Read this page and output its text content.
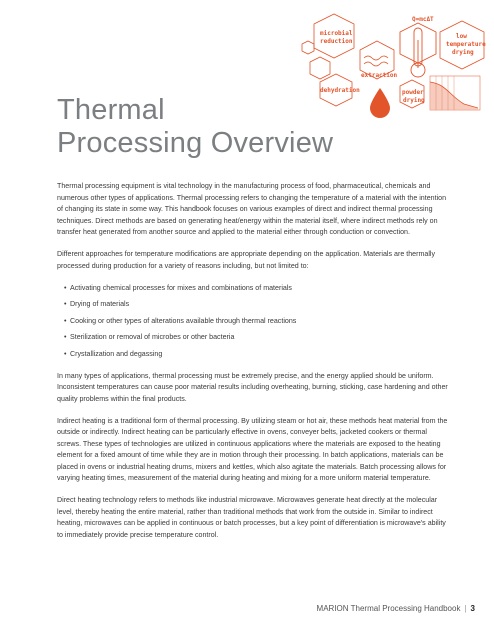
microbial
reduction
extraction
dehydration
Q=mcΔT
low
temperature
drying
powder
drying
Thermal
Processing Overview

Thermal processing equipment is vital technology in the manufacturing process of food, pharmaceutical, chemicals and numerous other types of applications. Thermal processing refers to changing the temperature of a material with the intention of changing its state in some way. This handbook focuses on various examples of direct and indirect thermal processing techniques. Direct methods are based on generating heat/energy within the material itself, where indirect methods rely on transfer heat generated from another source and applied to the material either through conduction or convection.

Different approaches for temperature modifications are appropriate depending on the application. Materials are thermally processed during production for a variety of reasons including, but not limited to:

• Activating chemical processes for mixes and combinations of materials
• Drying of materials
• Cooking or other types of alterations available through thermal reactions
• Sterilization or removal of microbes or other bacteria
• Crystallization and degassing

In many types of applications, thermal processing must be extremely precise, and the energy applied should be uniform. Inconsistent temperatures can cause poor material results including overheating, burning, sticking, case hardening and other quality problems within the final products.

Indirect heating is a traditional form of thermal processing. By utilizing steam or hot air, these methods heat material from the outside or indirectly. Indirect heating can be particularly effective in ovens, conveyer belts, jacketed cookers or thermal screws. These types of technologies are utilized in continuous applications where the materials are exposed to the heating element for a fixed amount of time while they are in motion through their processing. In batch applications, materials can be placed in ovens or industrial heating drums, mixers and kettles, which also agitate the materials. Batch processing allows for varying heating times, measurement of the material during heating and mixing for a more uniform material temperature.

Direct heating technology refers to methods like industrial microwave. Microwaves generate heat directly at the molecular level, thereby heating the entire material, rather than traditional methods that work from the outside in. Similar to indirect heating, microwaves can be applied in continuous or batch processes, but a key point of differentiation is microwave's ability to immediately provide precise temperature control.

MARION Thermal Processing Handbook | 3
